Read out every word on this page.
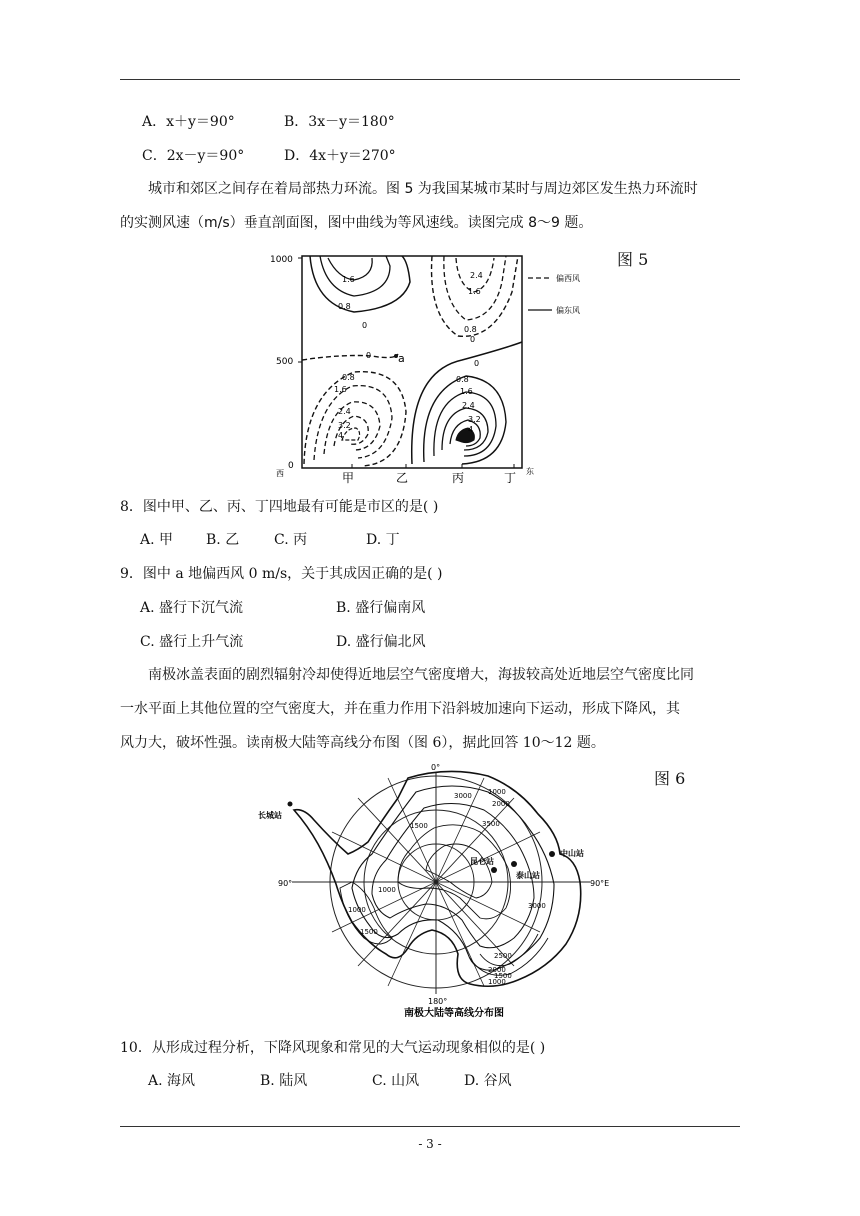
A．x＋y＝90°	B．3x－y＝180°
C．2x－y＝90°	D．4x＋y＝270°
城市和郊区之间存在着局部热力环流。图 5 为我国某城市某时与周边郊区发生热力环流时
的实测风速（m/s）垂直剖面图，图中曲线为等风速线。读图完成 8～9 题。
1000
500
0
1.6
0.8
0
2.4
1.6
0.8
0
0 a
0.8
1.6
2.4
3.2
4
0
0.8
1.6
2.4
3.2
4
西	东
甲	乙	丙	丁
偏西风
偏东风
图 5
8．图中甲、乙、丙、丁四地最有可能是市区的是( )
A. 甲 B. 乙 C. 丙	D. 丁
9．图中 a 地偏西风 0 m/s，关于其成因正确的是( )
A. 盛行下沉气流	B. 盛行偏南风
C. 盛行上升气流	D. 盛行偏北风
南极冰盖表面的剧烈辐射冷却使得近地层空气密度增大，海拔较高处近地层空气密度比同
一水平面上其他位置的空气密度大，并在重力作用下沿斜坡加速向下运动，形成下降风，其
风力大，破坏性强。读南极大陆等高线分布图（图 6），据此回答 10～12 题。
0°
90°	90°E
180°
长城站
中山站
昆仑站
泰山站
3000 1000
2000
3500
1500
1000
1000
1500
3000
2500
2000
1500
1000
南极大陆等高线分布图
图 6
10．从形成过程分析，下降风现象和常见的大气运动现象相似的是( )
A. 海风	B. 陆风	C. 山风	D. 谷风
- 3 -
